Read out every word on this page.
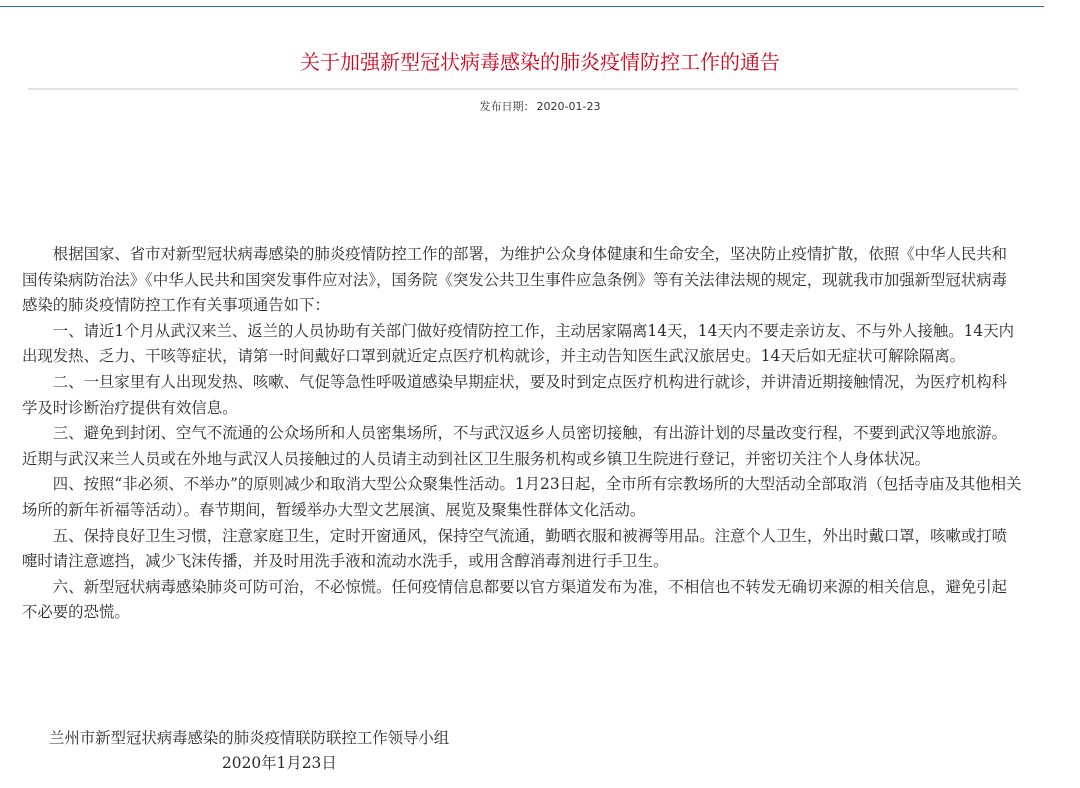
关于加强新型冠状病毒感染的肺炎疫情防控工作的通告
发布日期： 2020-01-23

根据国家、省市对新型冠状病毒感染的肺炎疫情防控工作的部署，为维护公众身体健康和生命安全，坚决防止疫情扩散，依照《中华人民共和国传染病防治法》《中华人民共和国突发事件应对法》，国务院《突发公共卫生事件应急条例》等有关法律法规的规定，现就我市加强新型冠状病毒感染的肺炎疫情防控工作有关事项通告如下：

一、请近1个月从武汉来兰、返兰的人员协助有关部门做好疫情防控工作，主动居家隔离14天，14天内不要走亲访友、不与外人接触。14天内出现发热、乏力、干咳等症状，请第一时间戴好口罩到就近定点医疗机构就诊，并主动告知医生武汉旅居史。14天后如无症状可解除隔离。

二、一旦家里有人出现发热、咳嗽、气促等急性呼吸道感染早期症状，要及时到定点医疗机构进行就诊，并讲清近期接触情况，为医疗机构科学及时诊断治疗提供有效信息。

三、避免到封闭、空气不流通的公众场所和人员密集场所，不与武汉返乡人员密切接触，有出游计划的尽量改变行程，不要到武汉等地旅游。近期与武汉来兰人员或在外地与武汉人员接触过的人员请主动到社区卫生服务机构或乡镇卫生院进行登记，并密切关注个人身体状况。

四、按照“非必须、不举办”的原则减少和取消大型公众聚集性活动。1月23日起，全市所有宗教场所的大型活动全部取消（包括寺庙及其他相关场所的新年祈福等活动）。春节期间，暂缓举办大型文艺展演、展览及聚集性群体文化活动。

五、保持良好卫生习惯，注意家庭卫生，定时开窗通风，保持空气流通，勤晒衣服和被褥等用品。注意个人卫生，外出时戴口罩，咳嗽或打喷嚏时请注意遮挡，减少飞沫传播，并及时用洗手液和流动水洗手，或用含醇消毒剂进行手卫生。

六、新型冠状病毒感染肺炎可防可治，不必惊慌。任何疫情信息都要以官方渠道发布为准，不相信也不转发无确切来源的相关信息，避免引起不必要的恐慌。

兰州市新型冠状病毒感染的肺炎疫情联防联控工作领导小组
2020年1月23日
